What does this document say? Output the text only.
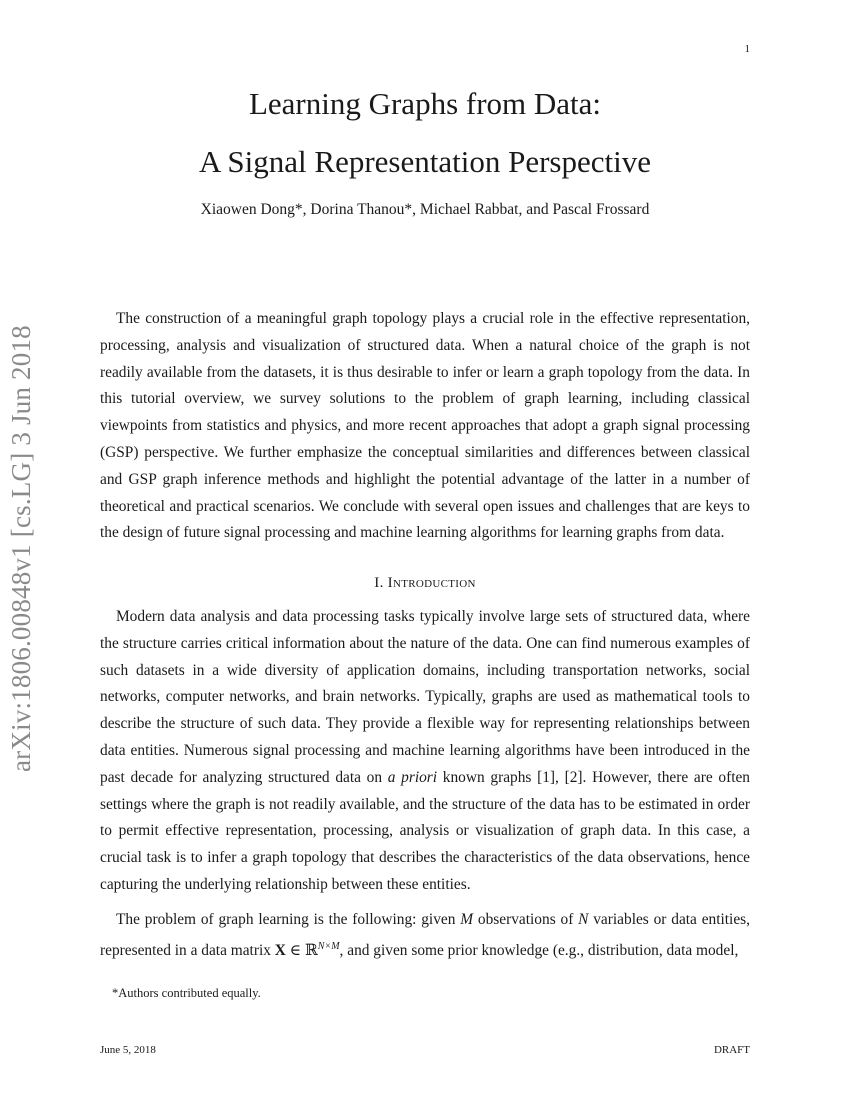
1
arXiv:1806.00848v1 [cs.LG] 3 Jun 2018
Learning Graphs from Data:
A Signal Representation Perspective
Xiaowen Dong*, Dorina Thanou*, Michael Rabbat, and Pascal Frossard

The construction of a meaningful graph topology plays a crucial role in the effective representation, processing, analysis and visualization of structured data. When a natural choice of the graph is not readily available from the datasets, it is thus desirable to infer or learn a graph topology from the data. In this tutorial overview, we survey solutions to the problem of graph learning, including classical viewpoints from statistics and physics, and more recent approaches that adopt a graph signal processing (GSP) perspective. We further emphasize the conceptual similarities and differences between classical and GSP graph inference methods and highlight the potential advantage of the latter in a number of theoretical and practical scenarios. We conclude with several open issues and challenges that are keys to the design of future signal processing and machine learning algorithms for learning graphs from data.

I. Introduction

Modern data analysis and data processing tasks typically involve large sets of structured data, where the structure carries critical information about the nature of the data. One can find numerous examples of such datasets in a wide diversity of application domains, including transportation networks, social networks, computer networks, and brain networks. Typically, graphs are used as mathematical tools to describe the structure of such data. They provide a flexible way for representing relationships between data entities. Numerous signal processing and machine learning algorithms have been introduced in the past decade for analyzing structured data on a priori known graphs [1], [2]. However, there are often settings where the graph is not readily available, and the structure of the data has to be estimated in order to permit effective representation, processing, analysis or visualization of graph data. In this case, a crucial task is to infer a graph topology that describes the characteristics of the data observations, hence capturing the underlying relationship between these entities.

The problem of graph learning is the following: given M observations of N variables or data entities, represented in a data matrix X ∈ ℝ$^{N\times M}$, and given some prior knowledge (e.g., distribution, data model,

*Authors contributed equally.
June 5, 2018	DRAFT
